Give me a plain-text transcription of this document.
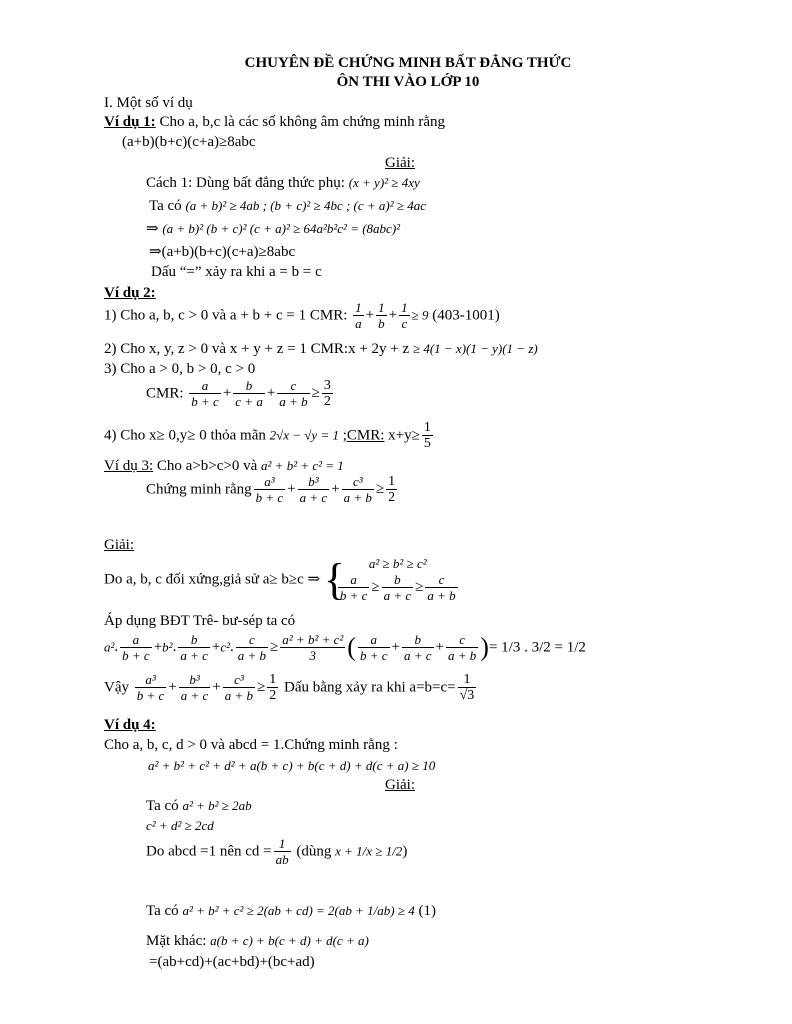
CHUYÊN ĐỀ CHỨNG MINH BẤT ĐẲNG THỨC
ÔN THI VÀO LỚP 10
I. Một số ví dụ
Ví dụ 1: Cho a, b,c là các số không âm chứng minh rằng
(a+b)(b+c)(c+a)≥8abc
Giải:
Cách 1: Dùng bất đẳng thức phụ: (x + y)² ≥ 4xy
Ta có (a + b)² ≥ 4ab ; (b + c)² ≥ 4bc ; (c + a)² ≥ 4ac
⇒ (a + b)² (b + c)² (c + a)² ≥ 64a²b²c² = (8abc)²
⇒(a+b)(b+c)(c+a)≥8abc
Dấu “=” xảy ra khi a = b = c
Ví dụ 2:
1) Cho a, b, c > 0 và a + b + c = 1 CMR: $\frac{1}{a} + \frac{1}{b} + \frac{1}{c} \ge 9$ (403-1001)
2) Cho x, y, z > 0 và x + y + z = 1 CMR:x + 2y + z ≥ 4(1 − x)(1 − y)(1 − z)
3) Cho a > 0, b > 0, c > 0
CMR: $\frac{a}{b + c} + \frac{b}{c + a} + \frac{c}{a + b} \ge \frac{3}{2}$
4) Cho x≥ 0,y≥ 0 thỏa mãn 2√x − √y = 1 ;CMR: $x+y\ge \frac{1}{5}$
Ví dụ 3: Cho a>b>c>0 và a² + b² + c² = 1
Chứng minh rằng $\frac{\text{a³}}{b + c} + \frac{\text{b³}}{a + c} + \frac{\text{c³}}{a + b} \ge \frac{1}{2}$
Giải:
Do a, b, c đối xứng,giả sử a≥ b≥c ⇒ {	a² ≥ b² ≥ c²
$\frac{a}{b + c} \ge \frac{b}{a + c} \ge \frac{c}{a + b}$
Áp dụng BĐT Trê- bư-sép ta có
a². $\frac{a}{b + c} +b^2$. $\frac{b}{a + c} +c^2$. $\frac{c}{a + b} \ge \frac{\text{a² + b² + c²}}{3}$ ( $\frac{a}{b + c} + \frac{b}{a + c} + \frac{c}{a + b}$ )= 1/3 . 3/2 = 1/2
Vậy $\frac{\text{a³}}{b + c} + \frac{\text{b³}}{a + c} + \frac{\text{c³}}{a + b} \ge \frac{1}{2}$ Dấu bằng xảy ra khi $a=b=c= \frac{1}{√3}$
Ví dụ 4:
Cho a, b, c, d > 0 và abcd = 1.Chứng minh rằng :
a² + b² + c² + d² + a(b + c) + b(c + d) + d(c + a) ≥ 10
Giải:
Ta có a² + b² ≥ 2ab
c² + d² ≥ 2cd
Do abcd =1 nên cd = $\frac{1}{ab}$ (dùng x + 1/x ≥ 1/2)
Ta có a² + b² + c² ≥ 2(ab + cd) = 2(ab + 1/ab) ≥ 4 (1)
Mặt khác: a(b + c) + b(c + d) + d(c + a)
=(ab+cd)+(ac+bd)+(bc+ad)
